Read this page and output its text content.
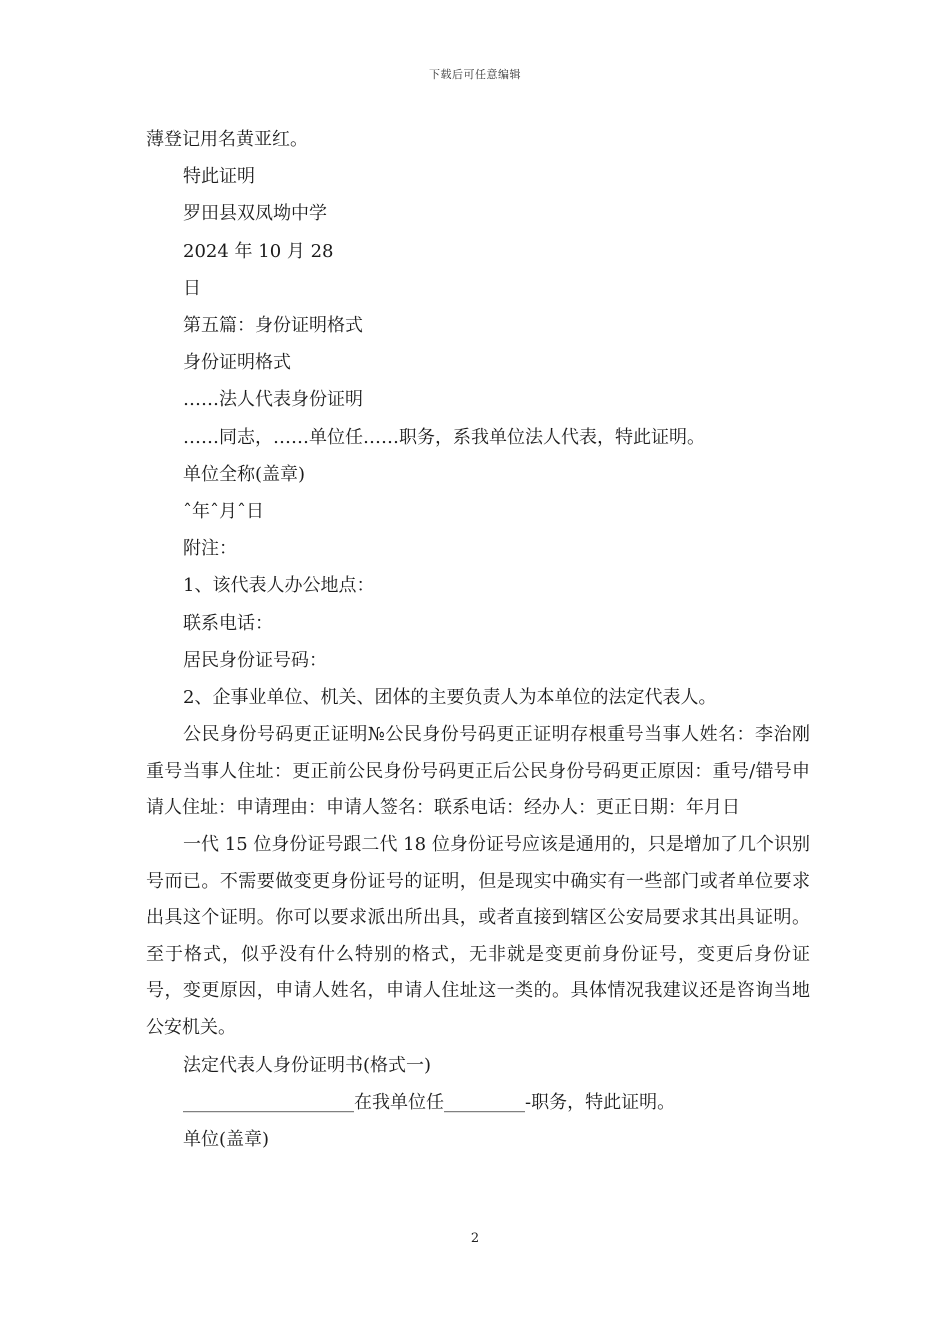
下载后可任意编辑
薄登记用名黄亚红。
特此证明
罗田县双凤坳中学
2024 年 10 月 28
日
第五篇：身份证明格式
身份证明格式
……法人代表身份证明
……同志，……单位任……职务，系我单位法人代表，特此证明。
单位全称(盖章)
ˆ年ˆ月ˆ日
附注：
1、该代表人办公地点：
联系电话：
居民身份证号码：
2、企事业单位、机关、团体的主要负责人为本单位的法定代表人。
公民身份号码更正证明№公民身份号码更正证明存根重号当事人姓名：李治刚重号当事人住址：更正前公民身份号码更正后公民身份号码更正原因：重号/错号申请人住址：申请理由：申请人签名：联系电话：经办人：更正日期：年月日
一代 15 位身份证号跟二代 18 位身份证号应该是通用的，只是增加了几个识别号而已。不需要做变更身份证号的证明，但是现实中确实有一些部门或者单位要求出具这个证明。你可以要求派出所出具，或者直接到辖区公安局要求其出具证明。至于格式，似乎没有什么特别的格式，无非就是变更前身份证号，变更后身份证号，变更原因，申请人姓名，申请人住址这一类的。具体情况我建议还是咨询当地公安机关。
法定代表人身份证明书(格式一)
___________________在我单位任_________-职务，特此证明。
单位(盖章)
2
